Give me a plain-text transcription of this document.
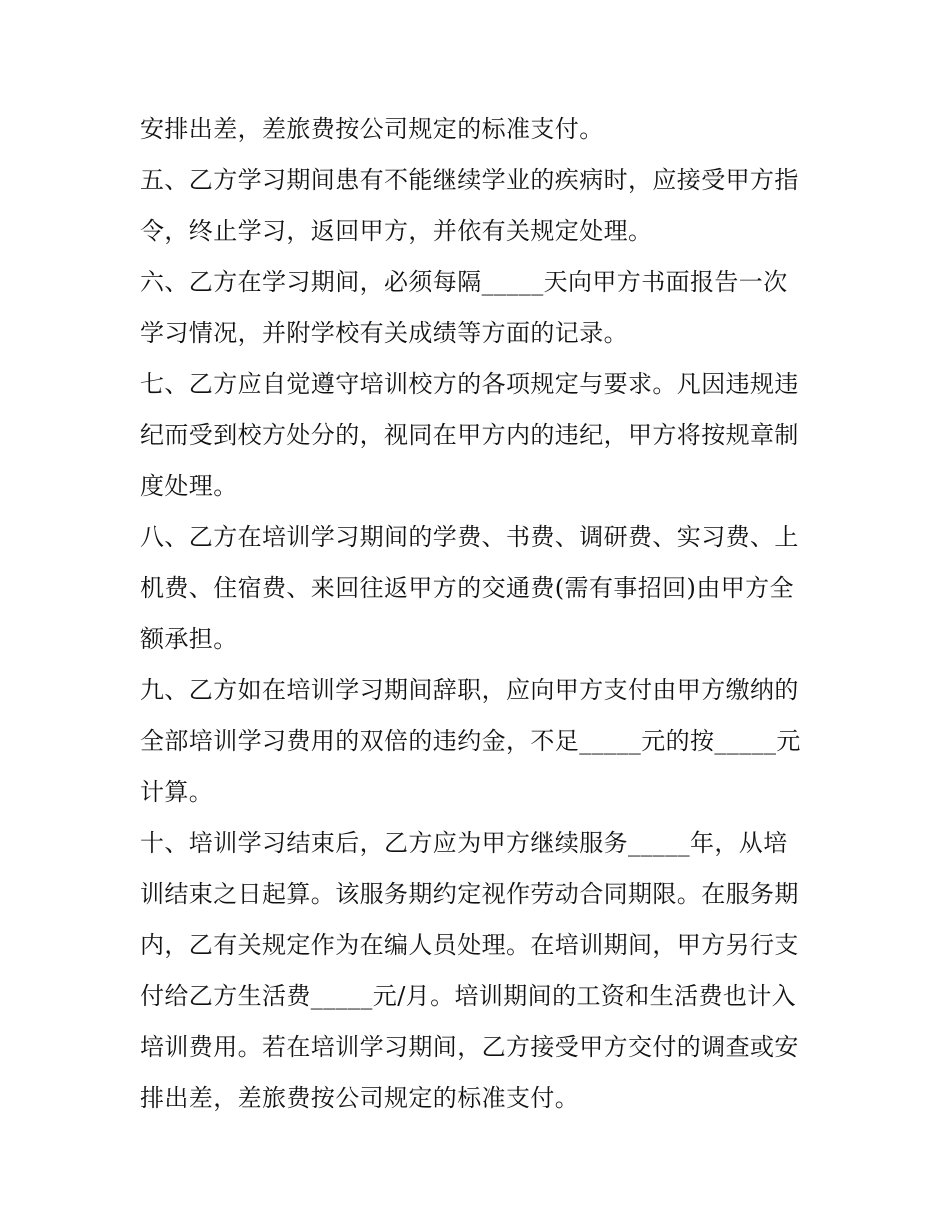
安排出差，差旅费按公司规定的标准支付。
五、乙方学习期间患有不能继续学业的疾病时，应接受甲方指
令，终止学习，返回甲方，并依有关规定处理。
六、乙方在学习期间，必须每隔_____天向甲方书面报告一次
学习情况，并附学校有关成绩等方面的记录。
七、乙方应自觉遵守培训校方的各项规定与要求。凡因违规违
纪而受到校方处分的，视同在甲方内的违纪，甲方将按规章制
度处理。
八、乙方在培训学习期间的学费、书费、调研费、实习费、上
机费、住宿费、来回往返甲方的交通费(需有事招回)由甲方全
额承担。
九、乙方如在培训学习期间辞职，应向甲方支付由甲方缴纳的
全部培训学习费用的双倍的违约金，不足_____元的按_____元
计算。
十、培训学习结束后，乙方应为甲方继续服务_____年，从培
训结束之日起算。该服务期约定视作劳动合同期限。在服务期
内，乙有关规定作为在编人员处理。在培训期间，甲方另行支
付给乙方生活费_____元/月。培训期间的工资和生活费也计入
培训费用。若在培训学习期间，乙方接受甲方交付的调查或安
排出差，差旅费按公司规定的标准支付。
